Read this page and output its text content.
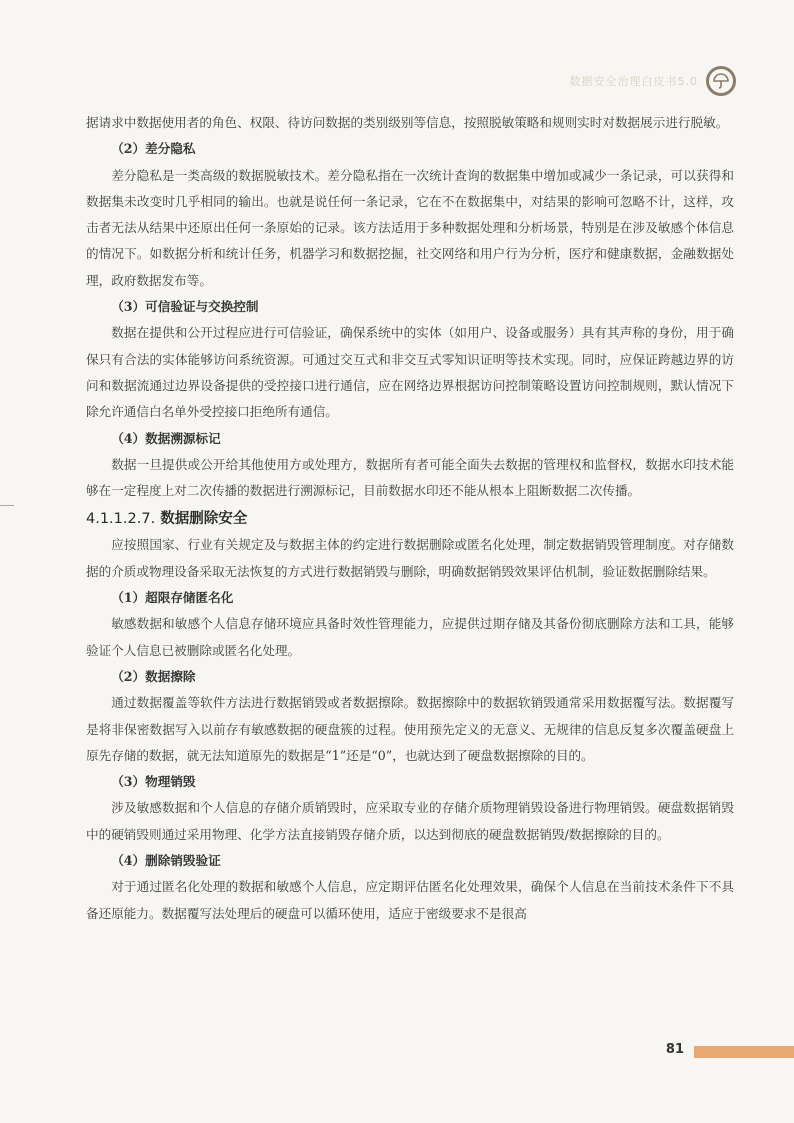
数据安全治理白皮书5.0

据请求中数据使用者的角色、权限、待访问数据的类别级别等信息，按照脱敏策略和规则实时对数据展示进行脱敏。

（2）差分隐私

差分隐私是一类高级的数据脱敏技术。差分隐私指在一次统计查询的数据集中增加或减少一条记录，可以获得和数据集未改变时几乎相同的输出。也就是说任何一条记录，它在不在数据集中，对结果的影响可忽略不计，这样，攻击者无法从结果中还原出任何一条原始的记录。该方法适用于多种数据处理和分析场景，特别是在涉及敏感个体信息的情况下。如数据分析和统计任务，机器学习和数据挖掘，社交网络和用户行为分析，医疗和健康数据，金融数据处理，政府数据发布等。

（3）可信验证与交换控制

数据在提供和公开过程应进行可信验证，确保系统中的实体（如用户、设备或服务）具有其声称的身份，用于确保只有合法的实体能够访问系统资源。可通过交互式和非交互式零知识证明等技术实现。同时，应保证跨越边界的访问和数据流通过边界设备提供的受控接口进行通信，应在网络边界根据访问控制策略设置访问控制规则，默认情况下除允许通信白名单外受控接口拒绝所有通信。

（4）数据溯源标记

数据一旦提供或公开给其他使用方或处理方，数据所有者可能全面失去数据的管理权和监督权，数据水印技术能够在一定程度上对二次传播的数据进行溯源标记，目前数据水印还不能从根本上阻断数据二次传播。

4.1.1.2.7. 数据删除安全

应按照国家、行业有关规定及与数据主体的约定进行数据删除或匿名化处理，制定数据销毁管理制度。对存储数据的介质或物理设备采取无法恢复的方式进行数据销毁与删除，明确数据销毁效果评估机制，验证数据删除结果。

（1）超限存储匿名化

敏感数据和敏感个人信息存储环境应具备时效性管理能力，应提供过期存储及其备份彻底删除方法和工具，能够验证个人信息已被删除或匿名化处理。

（2）数据擦除

通过数据覆盖等软件方法进行数据销毁或者数据擦除。数据擦除中的数据软销毁通常采用数据覆写法。数据覆写是将非保密数据写入以前存有敏感数据的硬盘簇的过程。使用预先定义的无意义、无规律的信息反复多次覆盖硬盘上原先存储的数据，就无法知道原先的数据是“1”还是“0”，也就达到了硬盘数据擦除的目的。

（3）物理销毁

涉及敏感数据和个人信息的存储介质销毁时，应采取专业的存储介质物理销毁设备进行物理销毁。硬盘数据销毁中的硬销毁则通过采用物理、化学方法直接销毁存储介质，以达到彻底的硬盘数据销毁/数据擦除的目的。

（4）删除销毁验证

对于通过匿名化处理的数据和敏感个人信息，应定期评估匿名化处理效果，确保个人信息在当前技术条件下不具备还原能力。数据覆写法处理后的硬盘可以循环使用，适应于密级要求不是很高

81
